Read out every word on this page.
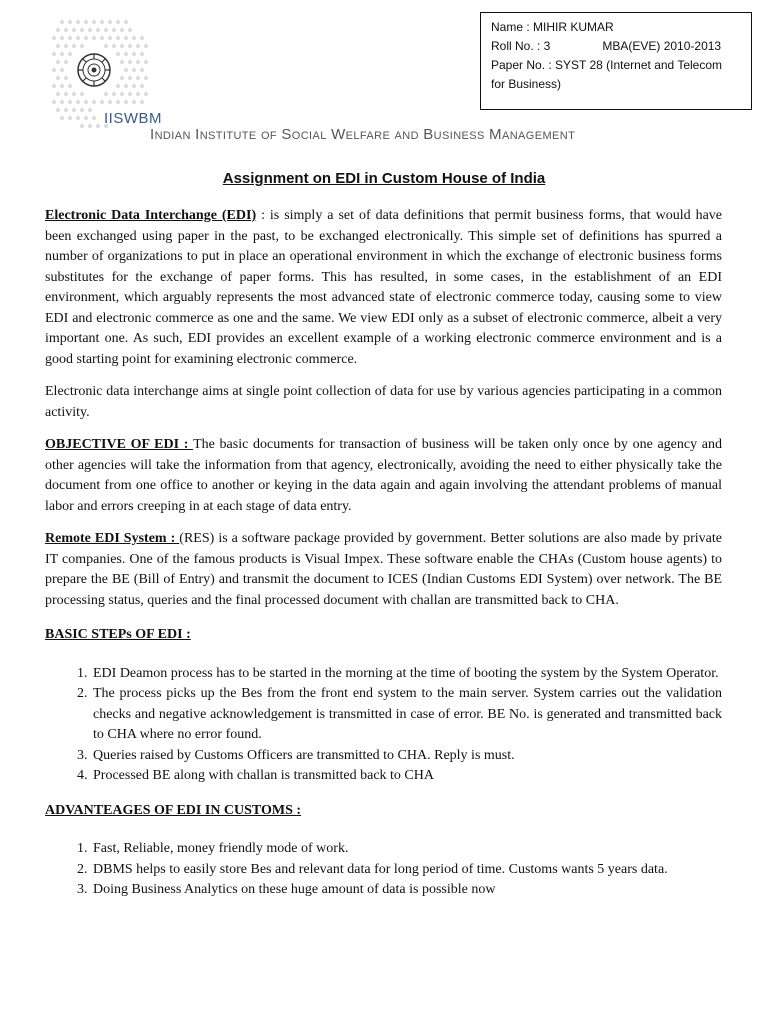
IISWBM
INDIAN INSTITUTE OF SOCIAL WELFARE AND BUSINESS MANAGEMENT
Name : MIHIR KUMAR
Roll No. : 3	MBA(EVE) 2010-2013
Paper No. : SYST 28 (Internet and Telecom
for Business)
Assignment on EDI in Custom House of India

Electronic Data Interchange (EDI) : is simply a set of data definitions that permit business forms, that would have been exchanged using paper in the past, to be exchanged electronically. This simple set of definitions has spurred a number of organizations to put in place an operational environment in which the exchange of electronic business forms substitutes for the exchange of paper forms. This has resulted, in some cases, in the establishment of an EDI environment, which arguably represents the most advanced state of electronic commerce today, causing some to view EDI and electronic commerce as one and the same. We view EDI only as a subset of electronic commerce, albeit a very important one. As such, EDI provides an excellent example of a working electronic commerce environment and is a good starting point for examining electronic commerce.

Electronic data interchange aims at single point collection of data for use by various agencies participating in a common activity.

OBJECTIVE OF EDI : The basic documents for transaction of business will be taken only once by one agency and other agencies will take the information from that agency, electronically, avoiding the need to either physically take the document from one office to another or keying in the data again and again involving the attendant problems of manual labor and errors creeping in at each stage of data entry.

Remote EDI System : (RES) is a software package provided by government. Better solutions are also made by private IT companies. One of the famous products is Visual Impex. These software enable the CHAs (Custom house agents) to prepare the BE (Bill of Entry) and transmit the document to ICES (Indian Customs EDI System) over network. The BE processing status, queries and the final processed document with challan are transmitted back to CHA.

BASIC STEPs OF EDI :
1. EDI Deamon process has to be started in the morning at the time of booting the system by the System Operator.
2. The process picks up the Bes from the front end system to the main server. System carries out the validation checks and negative acknowledgement is transmitted in case of error. BE No. is generated and transmitted back to CHA where no error found.
3. Queries raised by Customs Officers are transmitted to CHA. Reply is must.
4. Processed BE along with challan is transmitted back to CHA
ADVANTEAGES OF EDI IN CUSTOMS :
1. Fast, Reliable, money friendly mode of work.
2. DBMS helps to easily store Bes and relevant data for long period of time. Customs wants 5 years data.
3. Doing Business Analytics on these huge amount of data is possible now
